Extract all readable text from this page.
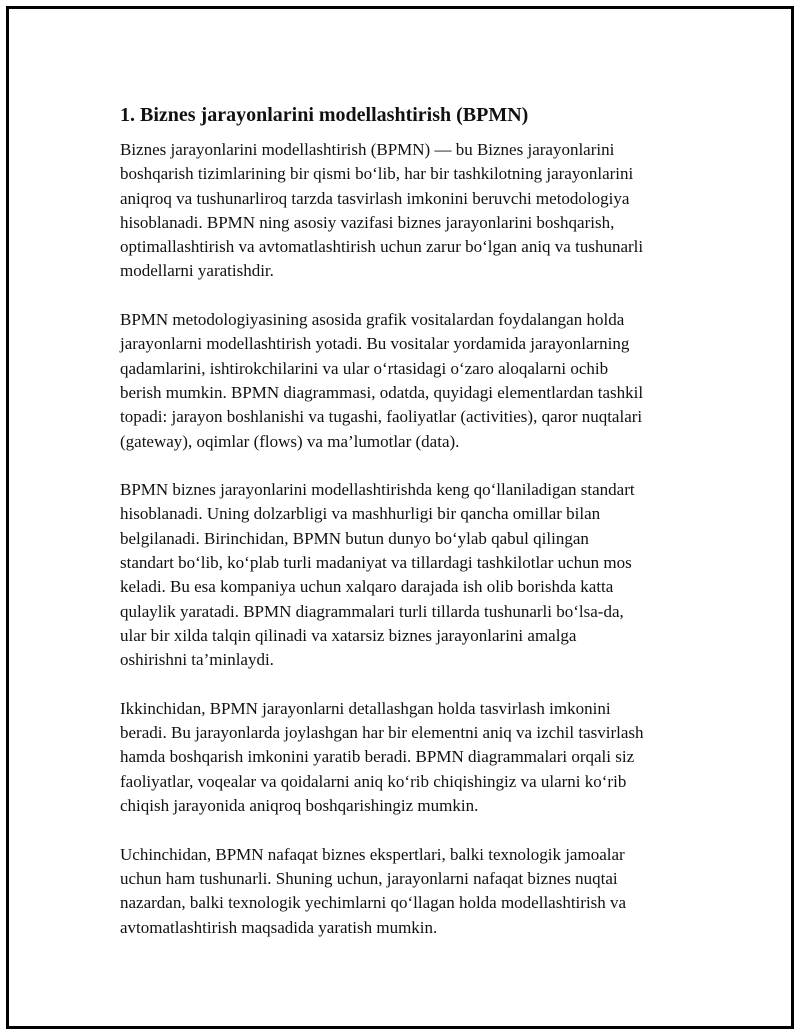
1. Biznes jarayonlarini modellashtirish (BPMN)
Biznes jarayonlarini modellashtirish (BPMN) — bu Biznes jarayonlarini
boshqarish tizimlarining bir qismi bo‘lib, har bir tashkilotning jarayonlarini
aniqroq va tushunarliroq tarzda tasvirlash imkonini beruvchi metodologiya
hisoblanadi. BPMN ning asosiy vazifasi biznes jarayonlarini boshqarish,
optimallashtirish va avtomatlashtirish uchun zarur bo‘lgan aniq va tushunarli
modellarni yaratishdir.
BPMN metodologiyasining asosida grafik vositalardan foydalangan holda
jarayonlarni modellashtirish yotadi. Bu vositalar yordamida jarayonlarning
qadamlarini, ishtirokchilarini va ular o‘rtasidagi o‘zaro aloqalarni ochib
berish mumkin. BPMN diagrammasi, odatda, quyidagi elementlardan tashkil
topadi: jarayon boshlanishi va tugashi, faoliyatlar (activities), qaror nuqtalari
(gateway), oqimlar (flows) va ma’lumotlar (data).
BPMN biznes jarayonlarini modellashtirishda keng qo‘llaniladigan standart
hisoblanadi. Uning dolzarbligi va mashhurligi bir qancha omillar bilan
belgilanadi. Birinchidan, BPMN butun dunyo bo‘ylab qabul qilingan
standart bo‘lib, ko‘plab turli madaniyat va tillardagi tashkilotlar uchun mos
keladi. Bu esa kompaniya uchun xalqaro darajada ish olib borishda katta
qulaylik yaratadi. BPMN diagrammalari turli tillarda tushunarli bo‘lsa-da,
ular bir xilda talqin qilinadi va xatarsiz biznes jarayonlarini amalga
oshirishni ta’minlaydi.
Ikkinchidan, BPMN jarayonlarni detallashgan holda tasvirlash imkonini
beradi. Bu jarayonlarda joylashgan har bir elementni aniq va izchil tasvirlash
hamda boshqarish imkonini yaratib beradi. BPMN diagrammalari orqali siz
faoliyatlar, voqealar va qoidalarni aniq ko‘rib chiqishingiz va ularni ko‘rib
chiqish jarayonida aniqroq boshqarishingiz mumkin.
Uchinchidan, BPMN nafaqat biznes ekspertlari, balki texnologik jamoalar
uchun ham tushunarli. Shuning uchun, jarayonlarni nafaqat biznes nuqtai
nazardan, balki texnologik yechimlarni qo‘llagan holda modellashtirish va
avtomatlashtirish maqsadida yaratish mumkin.
